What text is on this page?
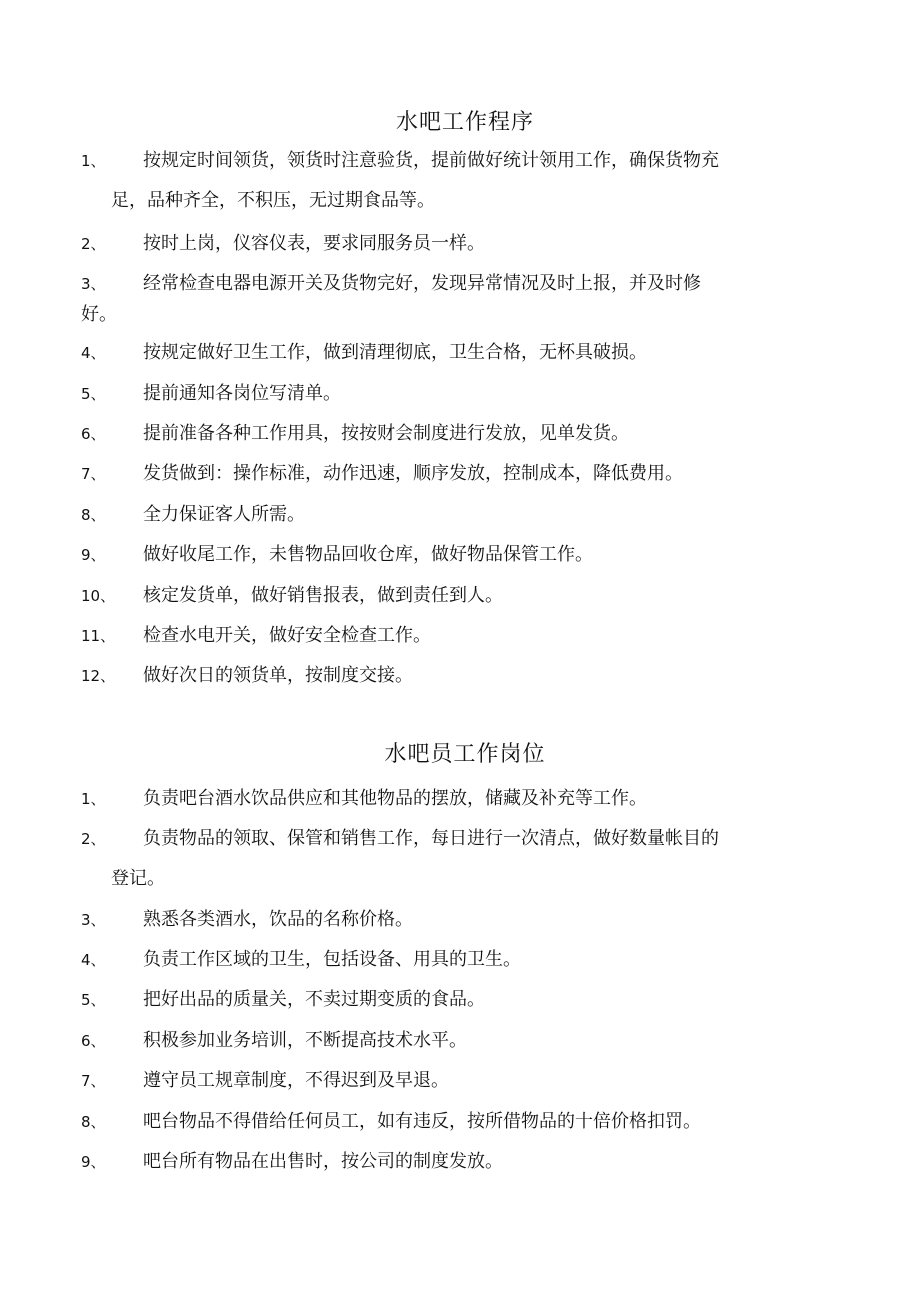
水吧工作程序
1、 按规定时间领货，领货时注意验货，提前做好统计领用工作，确保货物充
足，品种齐全，不积压，无过期食品等。
2、 按时上岗，仪容仪表，要求同服务员一样。
3、 经常检查电器电源开关及货物完好，发现异常情况及时上报，并及时修
好。
4、 按规定做好卫生工作，做到清理彻底，卫生合格，无杯具破损。
5、 提前通知各岗位写清单。
6、 提前准备各种工作用具，按按财会制度进行发放，见单发货。
7、 发货做到：操作标准，动作迅速，顺序发放，控制成本，降低费用。
8、 全力保证客人所需。
9、 做好收尾工作，未售物品回收仓库，做好物品保管工作。
10、 核定发货单，做好销售报表，做到责任到人。
11、 检查水电开关，做好安全检查工作。
12、 做好次日的领货单，按制度交接。
水吧员工作岗位
1、 负责吧台酒水饮品供应和其他物品的摆放，储藏及补充等工作。
2、 负责物品的领取、保管和销售工作，每日进行一次清点，做好数量帐目的
登记。
3、 熟悉各类酒水，饮品的名称价格。
4、 负责工作区域的卫生，包括设备、用具的卫生。
5、 把好出品的质量关，不卖过期变质的食品。
6、 积极参加业务培训，不断提高技术水平。
7、 遵守员工规章制度，不得迟到及早退。
8、 吧台物品不得借给任何员工，如有违反，按所借物品的十倍价格扣罚。
9、 吧台所有物品在出售时，按公司的制度发放。
